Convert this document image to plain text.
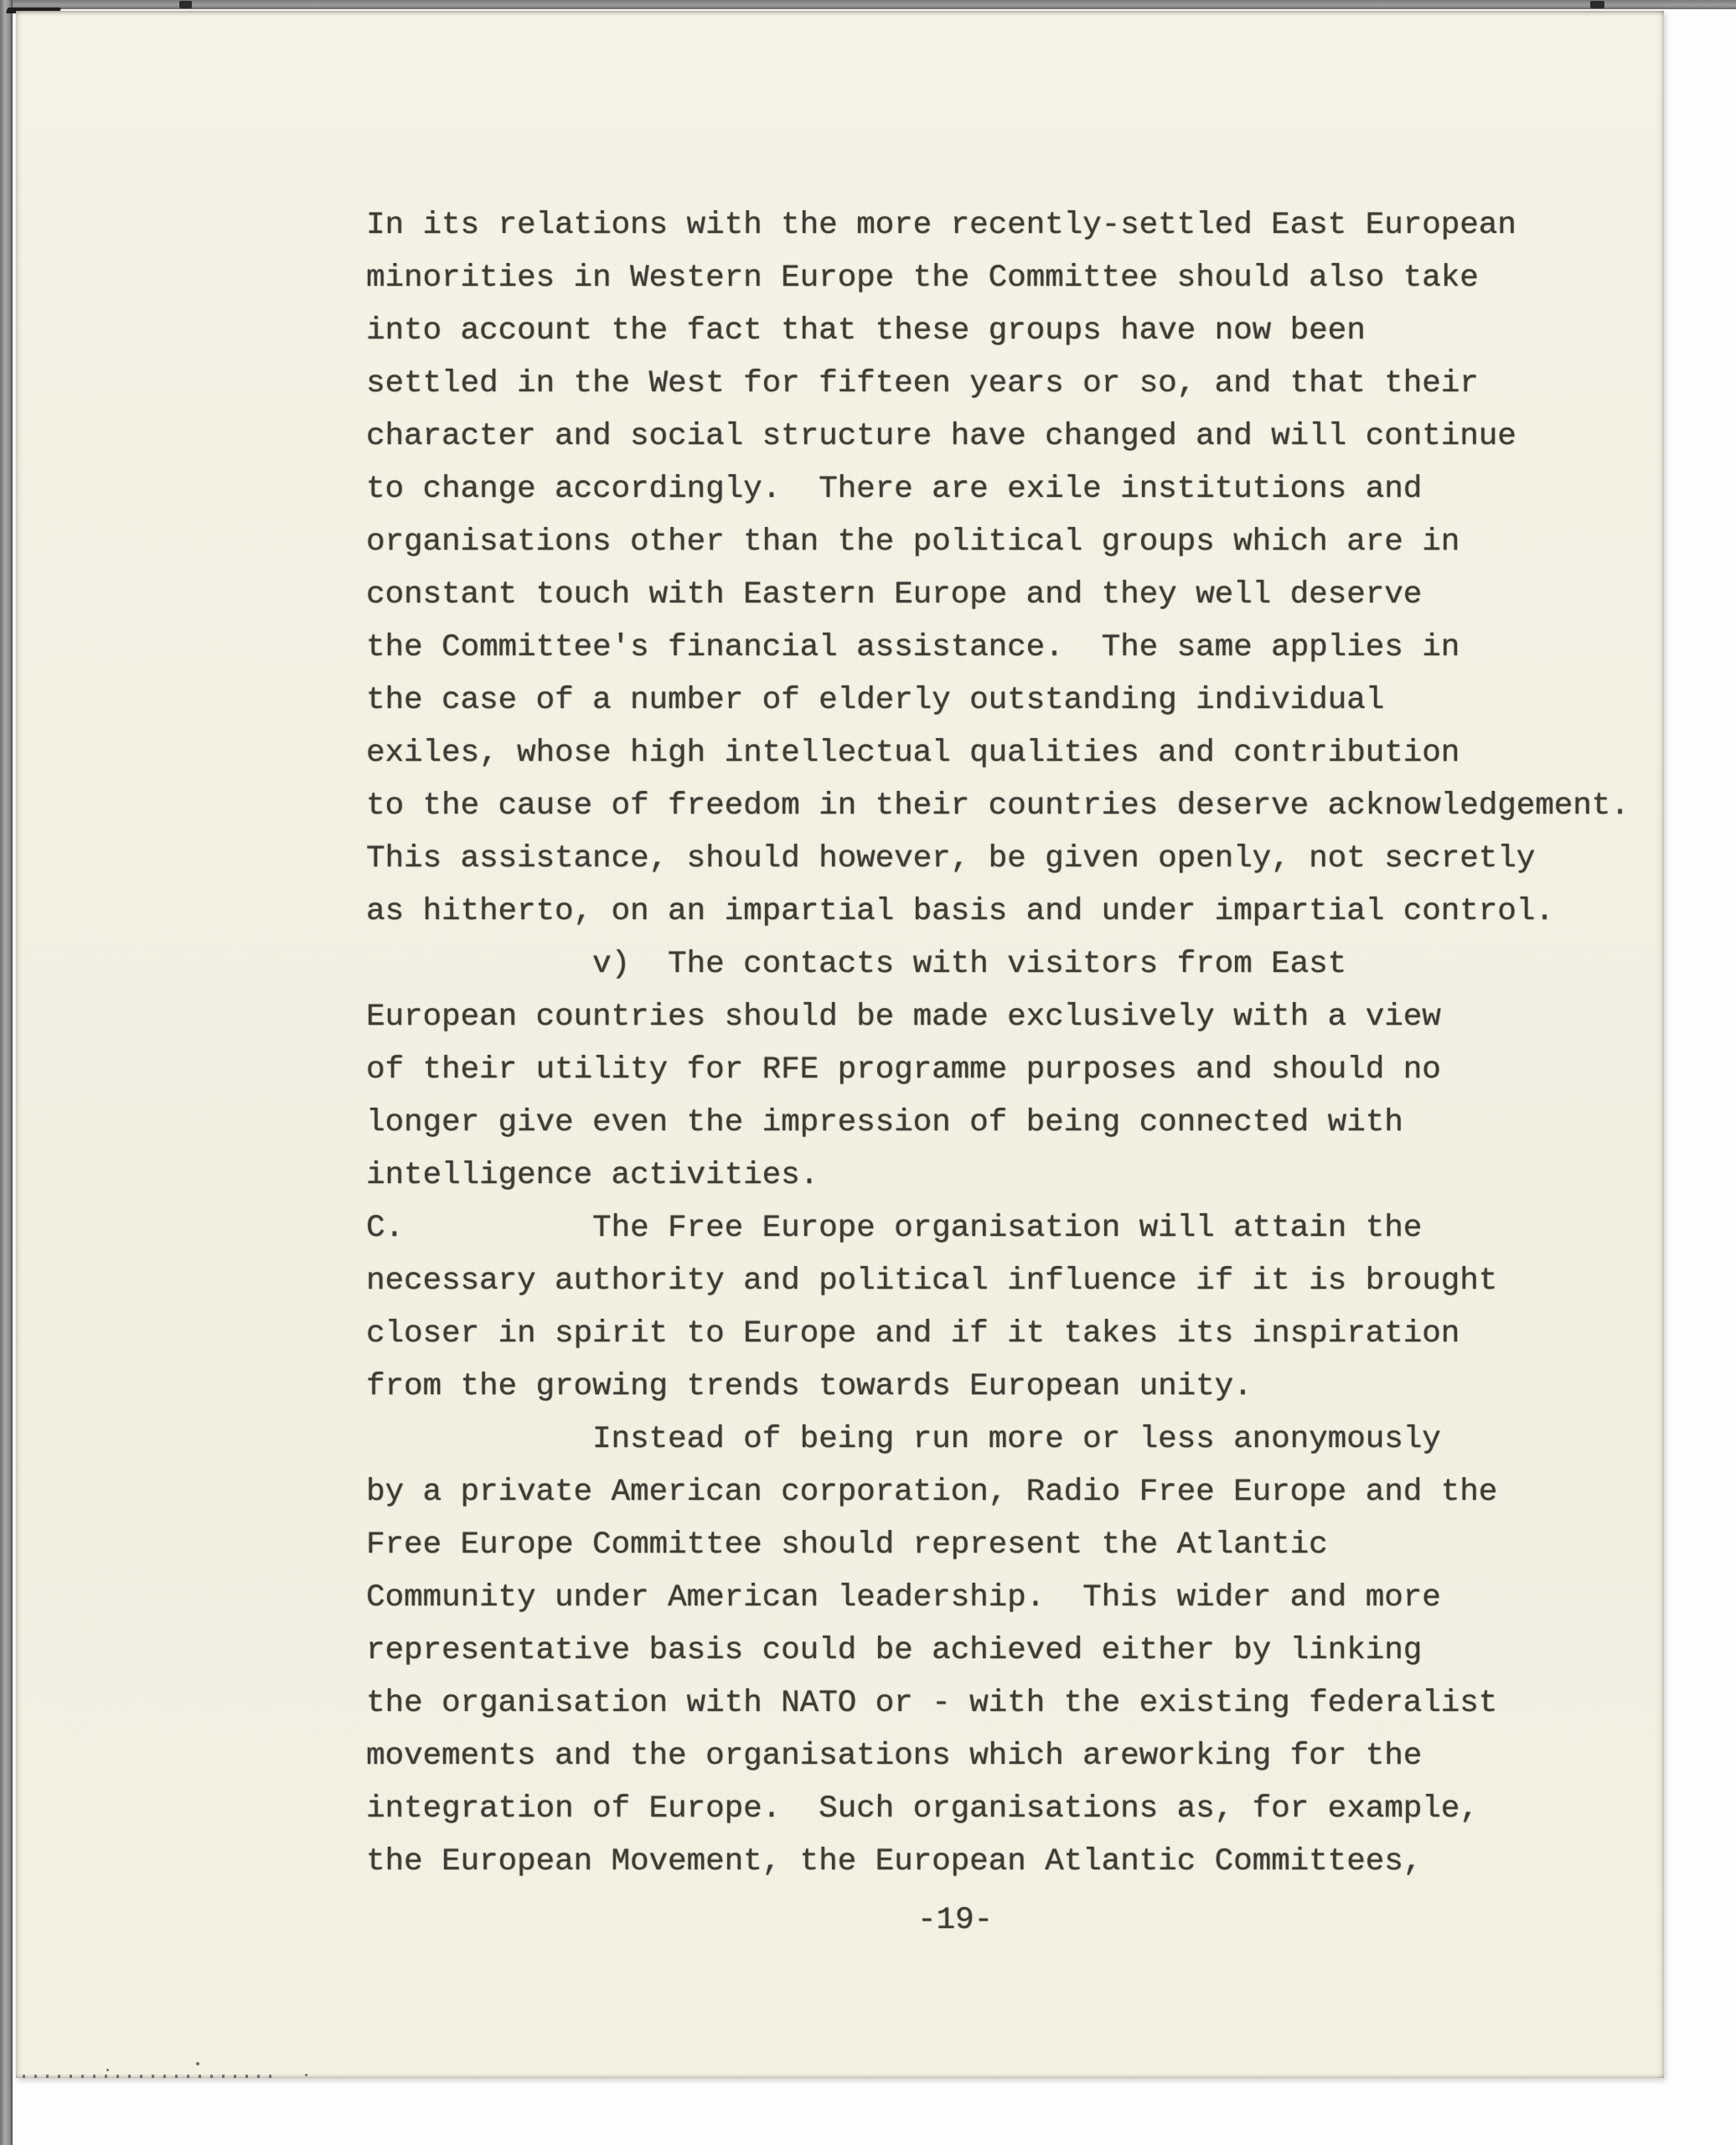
In its relations with the more recently-settled East European
minorities in Western Europe the Committee should also take
into account the fact that these groups have now been
settled in the West for fifteen years or so, and that their
character and social structure have changed and will continue
to change accordingly.  There are exile institutions and
organisations other than the political groups which are in
constant touch with Eastern Europe and they well deserve
the Committee's financial assistance.  The same applies in
the case of a number of elderly outstanding individual
exiles, whose high intellectual qualities and contribution
to the cause of freedom in their countries deserve acknowledgement.
This assistance, should however, be given openly, not secretly
as hitherto, on an impartial basis and under impartial control.
v)  The contacts with visitors from East
European countries should be made exclusively with a view
of their utility for RFE programme purposes and should no
longer give even the impression of being connected with
intelligence activities.
C.          The Free Europe organisation will attain the
necessary authority and political influence if it is brought
closer in spirit to Europe and if it takes its inspiration
from the growing trends towards European unity.
Instead of being run more or less anonymously
by a private American corporation, Radio Free Europe and the
Free Europe Committee should represent the Atlantic
Community under American leadership.  This wider and more
representative basis could be achieved either by linking
the organisation with NATO or - with the existing federalist
movements and the organisations which areworking for the
integration of Europe.  Such organisations as, for example,
the European Movement, the European Atlantic Committees,
-19-
